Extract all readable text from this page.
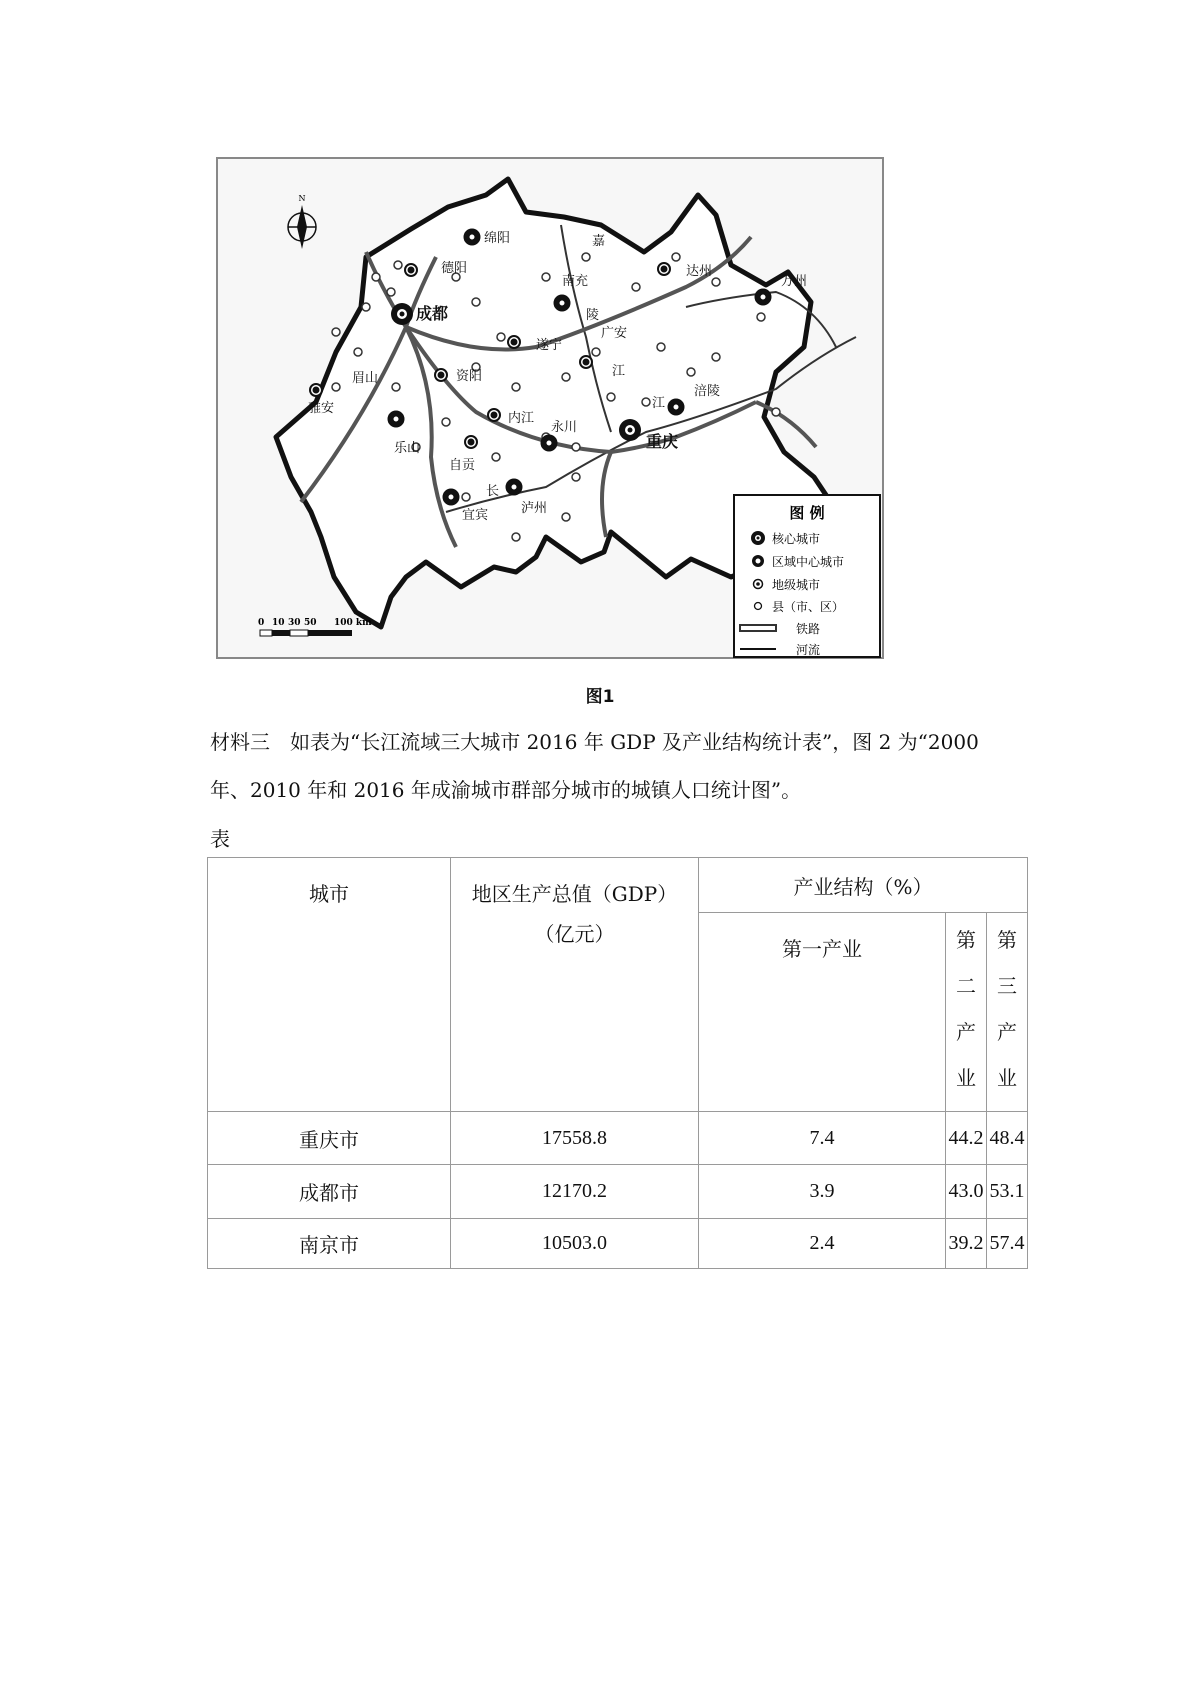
成都
重庆
绵阳
德阳
南充
达州
万州
遂宁
广安
眉山
雅安
资阳
内江
永川
乐山
自贡
宜宾	泸州
涪陵
嘉
陵
江
江
长
N
0 10 30 50 100 km
图 例
核心城市
区域中心城市
地级城市
县（市、区）
铁路
河流
图1
材料三　如表为“长江流域三大城市 2016 年 GDP 及产业结构统计表”，图 2 为“2000
年、2010 年和 2016 年成渝城市群部分城市的城镇人口统计图”。
表
城市	地区生产总值（GDP）（亿元）	产业结构（%）		
		第一产业	第二产业	第三产业

重庆市	17558.8	7.4	44.2	48.4
成都市	12170.2	3.9	43.0	53.1
南京市	10503.0	2.4	39.2	57.4
